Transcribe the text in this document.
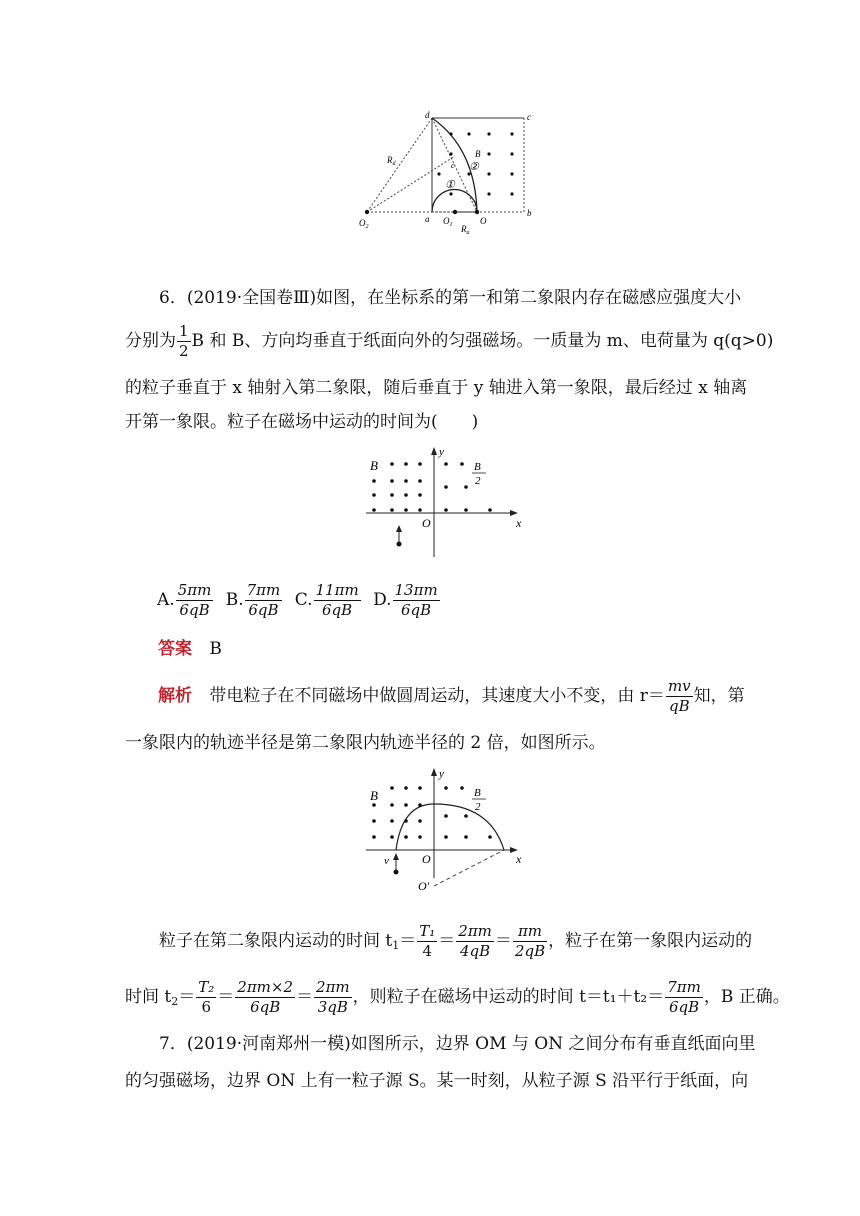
d	c
b
a	O
$O_1$
$O_2$
$R_d$
$R_a$
B
c
①
②
6．(2019·全国卷Ⅲ)如图，在坐标系的第一和第二象限内存在磁感应强度大小
分别为 $\frac{1}{2}$ B 和 B、方向均垂直于纸面向外的匀强磁场。一质量为 m、电荷量为 q(q>0)
的粒子垂直于 x 轴射入第二象限，随后垂直于 y 轴进入第一象限，最后经过 x 轴离
开第一象限。粒子在磁场中运动的时间为(　　)
B	B
2
O	x
y
A. $\frac{5\pi m}{6qB} B$. $\frac{7\pi m}{6qB} C$. $\frac{11\pi m}{6qB} D$. $\frac{13\pi m}{6qB}$
答案 B
解析 带电粒子在不同磁场中做圆周运动，其速度大小不变，由 $r= \frac{mv}{qB}$ 知，第
一象限内的轨迹半径是第二象限内轨迹半径的 2 倍，如图所示。
B	B
2
O
O′
x
y
v
粒子在第二象限内运动的时间 $t_1= \frac{\text{T₁}}{4} = \frac{2\pi m}{4qB} = \frac{\pi m}{2qB}$ ，粒子在第一象限内运动的
时间 $t_2= \frac{\text{T₂}}{6} = \frac{2\pi m\times 2}{6qB} = \frac{2\pi m}{3qB}$ ，则粒子在磁场中运动的时间 $t=t_1+t_2= \frac{7\pi m}{6qB}$ ，B 正确。
7．(2019·河南郑州一模)如图所示，边界 OM 与 ON 之间分布有垂直纸面向里
的匀强磁场，边界 ON 上有一粒子源 S。某一时刻，从粒子源 S 沿平行于纸面，向
